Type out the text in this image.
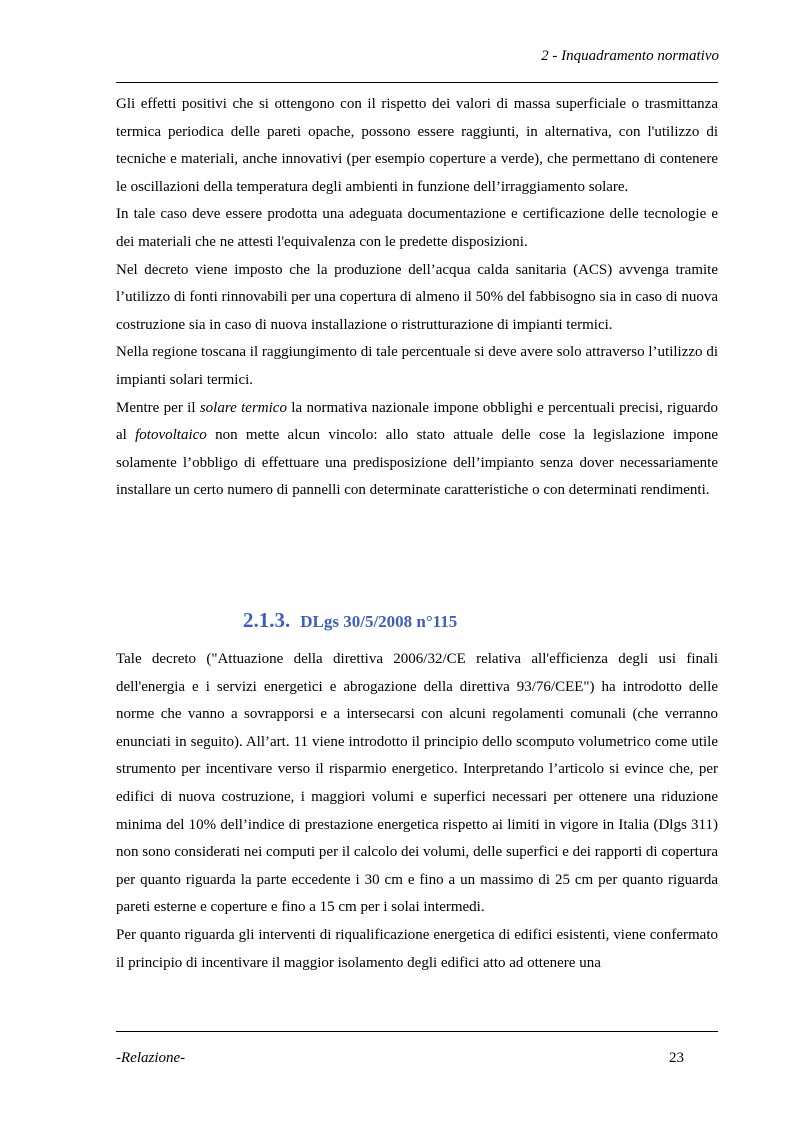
2 - Inquadramento normativo

Gli effetti positivi che si ottengono con il rispetto dei valori di massa superficiale o trasmittanza termica periodica delle pareti opache, possono essere raggiunti, in alternativa, con l'utilizzo di tecniche e materiali, anche innovativi (per esempio coperture a verde), che permettano di contenere le oscillazioni della temperatura degli ambienti in funzione dell’irraggiamento solare.

In tale caso deve essere prodotta una adeguata documentazione e certificazione delle tecnologie e dei materiali che ne attesti l'equivalenza con le predette disposizioni.

Nel decreto viene imposto che la produzione dell’acqua calda sanitaria (ACS) avvenga tramite l’utilizzo di fonti rinnovabili per una copertura di almeno il 50% del fabbisogno sia in caso di nuova costruzione sia in caso di nuova installazione o ristrutturazione di impianti termici.

Nella regione toscana il raggiungimento di tale percentuale si deve avere solo attraverso l’utilizzo di impianti solari termici.

Mentre per il solare termico la normativa nazionale impone obblighi e percentuali precisi, riguardo al fotovoltaico non mette alcun vincolo: allo stato attuale delle cose la legislazione impone solamente l’obbligo di effettuare una predisposizione dell’impianto senza dover necessariamente installare un certo numero di pannelli con determinate caratteristiche o con determinati rendimenti.

2.1.3. DLgs 30/5/2008 n°115

Tale decreto ("Attuazione della direttiva 2006/32/CE relativa all'efficienza degli usi finali dell'energia e i servizi energetici e abrogazione della direttiva 93/76/CEE") ha introdotto delle norme che vanno a sovrapporsi e a intersecarsi con alcuni regolamenti comunali (che verranno enunciati in seguito). All’art. 11 viene introdotto il principio dello scomputo volumetrico come utile strumento per incentivare verso il risparmio energetico. Interpretando l’articolo si evince che, per edifici di nuova costruzione, i maggiori volumi e superfici necessari per ottenere una riduzione minima del 10% dell’indice di prestazione energetica rispetto ai limiti in vigore in Italia (Dlgs 311) non sono considerati nei computi per il calcolo dei volumi, delle superfici e dei rapporti di copertura per quanto riguarda la parte eccedente i 30 cm e fino a un massimo di 25 cm per quanto riguarda pareti esterne e coperture e fino a 15 cm per i solai intermedi.

Per quanto riguarda gli interventi di riqualificazione energetica di edifici esistenti, viene confermato il principio di incentivare il maggior isolamento degli edifici atto ad ottenere una

-Relazione-	23
